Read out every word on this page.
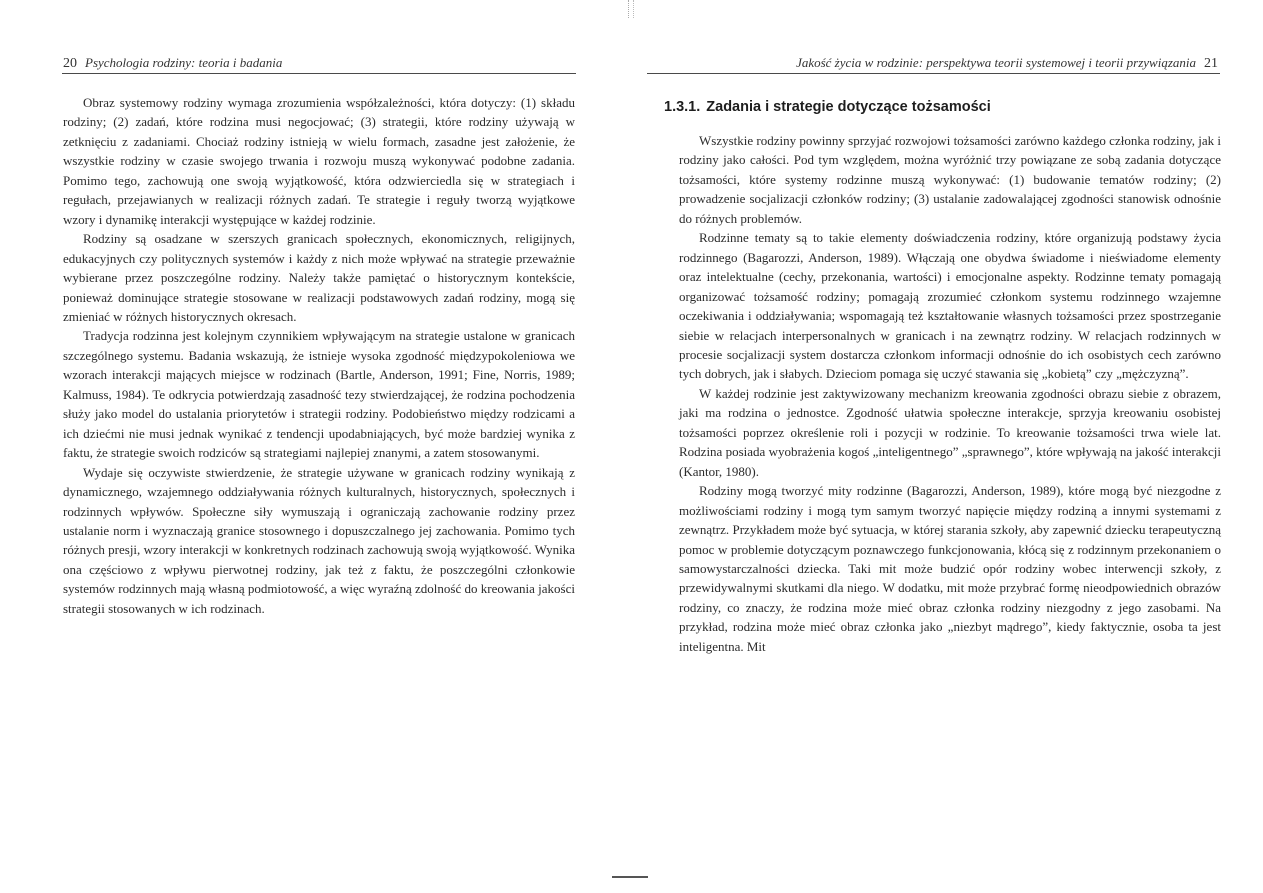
20 Psychologia rodziny: teoria i badania

Obraz systemowy rodziny wymaga zrozumienia współzależności, która dotyczy: (1) składu rodziny; (2) zadań, które rodzina musi negocjować; (3) strategii, które rodziny używają w zetknięciu z zadaniami. Chociaż rodziny istnieją w wielu formach, zasadne jest założenie, że wszystkie rodziny w czasie swojego trwania i rozwoju muszą wykonywać podobne zadania. Pomimo tego, zachowują one swoją wyjątkowość, która odzwierciedla się w strategiach i regułach, przejawianych w realizacji różnych zadań. Te strategie i reguły tworzą wyjątkowe wzory i dynamikę interakcji występujące w każdej rodzinie.

Rodziny są osadzane w szerszych granicach społecznych, ekonomicznych, religijnych, edukacyjnych czy politycznych systemów i każdy z nich może wpływać na strategie przeważnie wybierane przez poszczególne rodziny. Należy także pamiętać o historycznym kontekście, ponieważ dominujące strategie stosowane w realizacji podstawowych zadań rodziny, mogą się zmieniać w różnych historycznych okresach.

Tradycja rodzinna jest kolejnym czynnikiem wpływającym na strategie ustalone w granicach szczególnego systemu. Badania wskazują, że istnieje wysoka zgodność międzypokoleniowa we wzorach interakcji mających miejsce w rodzinach (Bartle, Anderson, 1991; Fine, Norris, 1989; Kalmuss, 1984). Te odkrycia potwierdzają zasadność tezy stwierdzającej, że rodzina pochodzenia służy jako model do ustalania priorytetów i strategii rodziny. Podobieństwo między rodzicami a ich dziećmi nie musi jednak wynikać z tendencji upodabniających, być może bardziej wynika z faktu, że strategie swoich rodziców są strategiami najlepiej znanymi, a zatem stosowanymi.

Wydaje się oczywiste stwierdzenie, że strategie używane w granicach rodziny wynikają z dynamicznego, wzajemnego oddziaływania różnych kulturalnych, historycznych, społecznych i rodzinnych wpływów. Społeczne siły wymuszają i ograniczają zachowanie rodziny przez ustalanie norm i wyznaczają granice stosownego i dopuszczalnego jej zachowania. Pomimo tych różnych presji, wzory interakcji w konkretnych rodzinach zachowują swoją wyjątkowość. Wynika ona częściowo z wpływu pierwotnej rodziny, jak też z faktu, że poszczególni członkowie systemów rodzinnych mają własną podmiotowość, a więc wyraźną zdolność do kreowania jakości strategii stosowanych w ich rodzinach.

Jakość życia w rodzinie: perspektywa teorii systemowej i teorii przywiązania 21
1.3.1. Zadania i strategie dotyczące tożsamości

Wszystkie rodziny powinny sprzyjać rozwojowi tożsamości zarówno każdego członka rodziny, jak i rodziny jako całości. Pod tym względem, można wyróżnić trzy powiązane ze sobą zadania dotyczące tożsamości, które systemy rodzinne muszą wykonywać: (1) budowanie tematów rodziny; (2) prowadzenie socjalizacji członków rodziny; (3) ustalanie zadowalającej zgodności stanowisk odnośnie do różnych problemów.

Rodzinne tematy są to takie elementy doświadczenia rodziny, które organizują podstawy życia rodzinnego (Bagarozzi, Anderson, 1989). Włączają one obydwa świadome i nieświadome elementy oraz intelektualne (cechy, przekonania, wartości) i emocjonalne aspekty. Rodzinne tematy pomagają organizować tożsamość rodziny; pomagają zrozumieć członkom systemu rodzinnego wzajemne oczekiwania i oddziaływania; wspomagają też kształtowanie własnych tożsamości przez spostrzeganie siebie w relacjach interpersonalnych w granicach i na zewnątrz rodziny. W relacjach rodzinnych w procesie socjalizacji system dostarcza członkom informacji odnośnie do ich osobistych cech zarówno tych dobrych, jak i słabych. Dzieciom pomaga się uczyć stawania się „kobietą” czy „mężczyzną”.

W każdej rodzinie jest zaktywizowany mechanizm kreowania zgodności obrazu siebie z obrazem, jaki ma rodzina o jednostce. Zgodność ułatwia społeczne interakcje, sprzyja kreowaniu osobistej tożsamości poprzez określenie roli i pozycji w rodzinie. To kreowanie tożsamości trwa wiele lat. Rodzina posiada wyobrażenia kogoś „inteligentnego” „sprawnego”, które wpływają na jakość interakcji (Kantor, 1980).

Rodziny mogą tworzyć mity rodzinne (Bagarozzi, Anderson, 1989), które mogą być niezgodne z możliwościami rodziny i mogą tym samym tworzyć napięcie między rodziną a innymi systemami z zewnątrz. Przykładem może być sytuacja, w której starania szkoły, aby zapewnić dziecku terapeutyczną pomoc w problemie dotyczącym poznawczego funkcjonowania, kłócą się z rodzinnym przekonaniem o samowystarczalności dziecka. Taki mit może budzić opór rodziny wobec interwencji szkoły, z przewidywalnymi skutkami dla niego. W dodatku, mit może przybrać formę nieodpowiednich obrazów rodziny, co znaczy, że rodzina może mieć obraz członka rodziny niezgodny z jego zasobami. Na przykład, rodzina może mieć obraz członka jako „niezbyt mądrego”, kiedy faktycznie, osoba ta jest inteligentna. Mit
